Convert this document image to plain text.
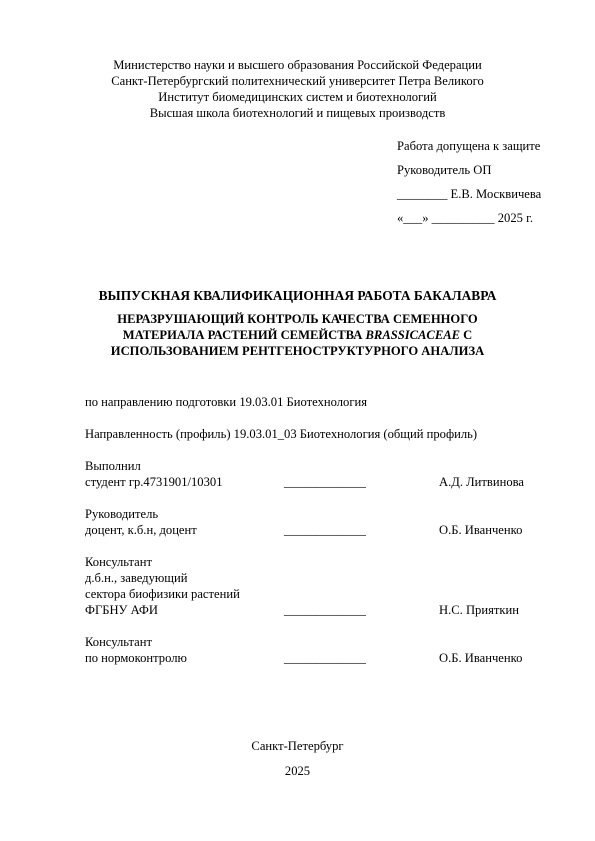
Министерство науки и высшего образования Российской Федерации
Санкт-Петербургский политехнический университет Петра Великого
Институт биомедицинских систем и биотехнологий
Высшая школа биотехнологий и пищевых производств
Работа допущена к защите
Руководитель ОП
________ Е.В. Москвичева
«___» __________ 2025 г.
ВЫПУСКНАЯ КВАЛИФИКАЦИОННАЯ РАБОТА БАКАЛАВРА
НЕРАЗРУШАЮЩИЙ КОНТРОЛЬ КАЧЕСТВА СЕМЕННОГО
МАТЕРИАЛА РАСТЕНИЙ СЕМЕЙСТВА BRASSICACEAE С
ИСПОЛЬЗОВАНИЕМ РЕНТГЕНОСТРУКТУРНОГО АНАЛИЗА
по направлению подготовки 19.03.01 Биотехнология
Направленность (профиль) 19.03.01_03 Биотехнология (общий профиль)
Выполнил
студент гр.4731901/10301	_____________	А.Д. Литвинова
Руководитель
доцент, к.б.н, доцент	_____________	О.Б. Иванченко
Консультант
д.б.н., заведующий
сектора биофизики растений
ФГБНУ АФИ	_____________	Н.С. Прияткин
Консультант
по нормоконтролю	_____________	О.Б. Иванченко
Санкт-Петербург
2025
